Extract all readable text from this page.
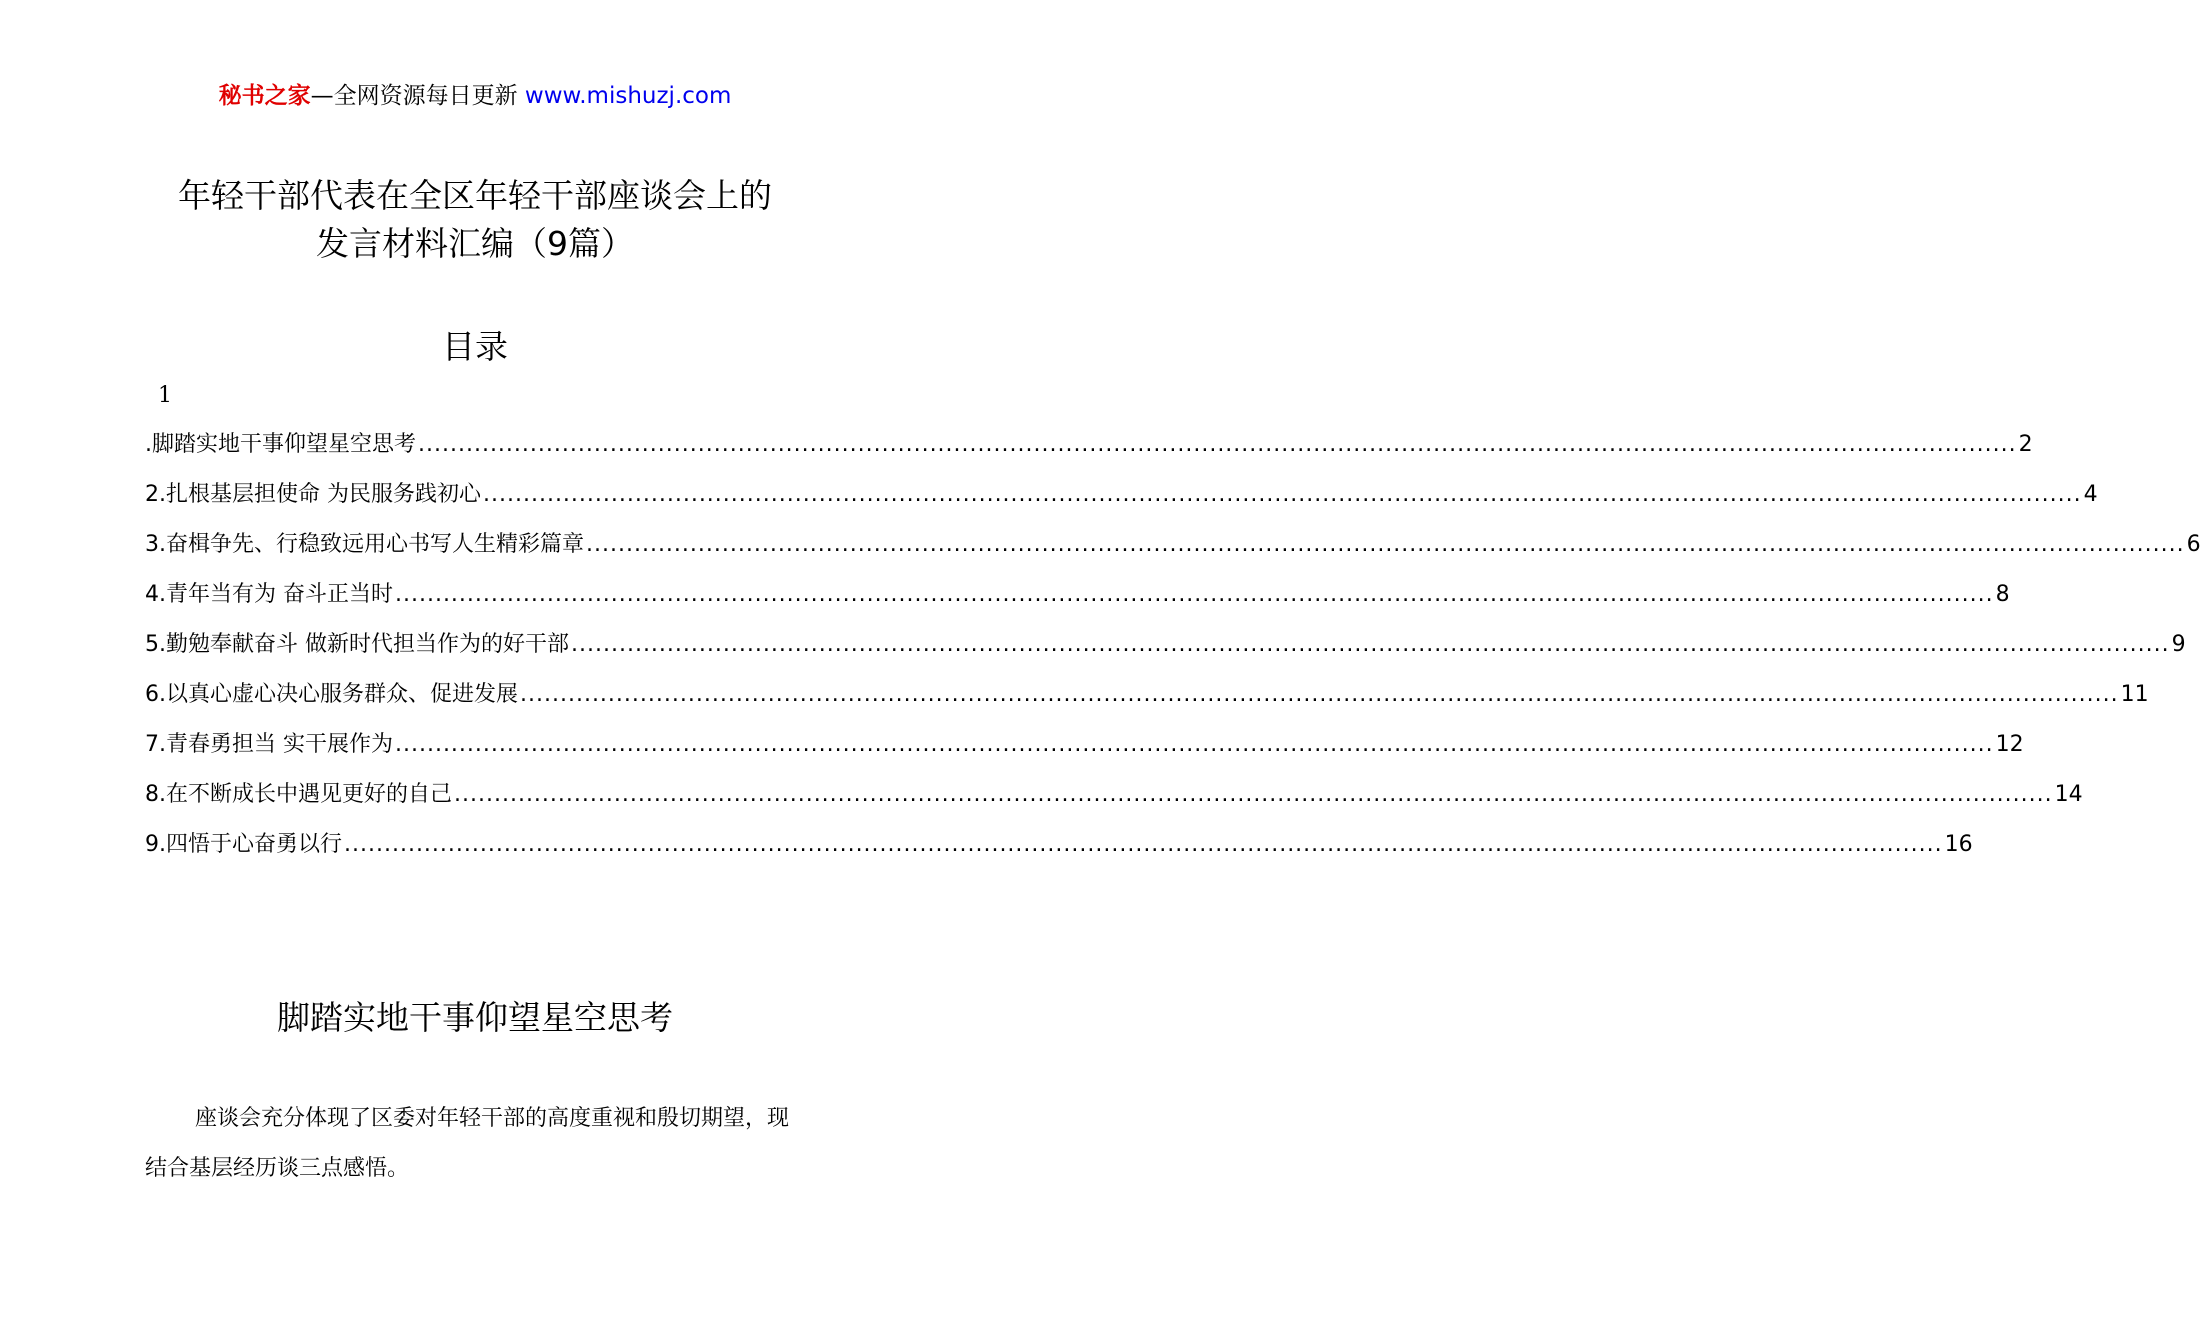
秘书之家—全网资源每日更新 www.mishuzj.com
年轻干部代表在全区年轻干部座谈会上的
发言材料汇编（9篇）
目录
1
.脚踏实地干事仰望星空思考 ........................................................................................................................................................................................................ 2
2.扎根基层担使命 为民服务践初心 ........................................................................................................................................................................................................ 4
3.奋楫争先、行稳致远用心书写人生精彩篇章 ........................................................................................................................................................................................................ 6
4.青年当有为 奋斗正当时 ........................................................................................................................................................................................................ 8
5.勤勉奉献奋斗 做新时代担当作为的好干部 ........................................................................................................................................................................................................ 9
6.以真心虚心决心服务群众、促进发展 ........................................................................................................................................................................................................ 11
7.青春勇担当 实干展作为 ........................................................................................................................................................................................................ 12
8.在不断成长中遇见更好的自己 ........................................................................................................................................................................................................ 14
9.四悟于心奋勇以行 ........................................................................................................................................................................................................ 16
脚踏实地干事仰望星空思考

座谈会充分体现了区委对年轻干部的高度重视和殷切期望，现结合基层经历谈三点感悟。
